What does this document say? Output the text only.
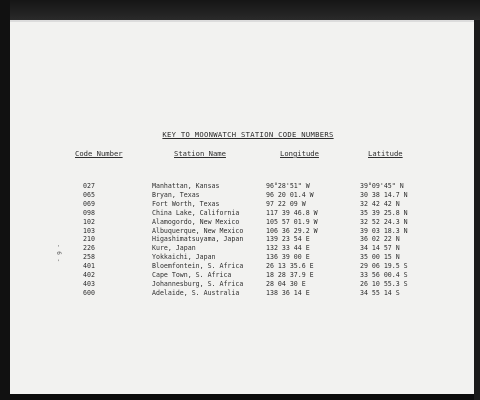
- 6 -
KEY TO MOONWATCH STATION CODE NUMBERS
Code Number	Station Name	Longitude	Latitude
027	Manhattan, Kansas	96°28'51" W	39°09'45" N
065	Bryan, Texas	96 20 01.4 W	30 38 14.7 N
069	Fort Worth, Texas	97 22 09 W	32 42 42 N
098	China Lake, California	117 39 46.8 W	35 39 25.8 N
102	Alamogordo, New Mexico	105 57 01.9 W	32 52 24.3 N
103	Albuquerque, New Mexico	106 36 29.2 W	39 03 18.3 N
210	Higashimatsuyama, Japan	139 23 54 E	36 02 22 N
226	Kure, Japan	132 33 44 E	34 14 57 N
258	Yokkaichi, Japan	136 39 00 E	35 00 15 N
401	Bloemfontein, S. Africa	26 13 35.6 E	29 06 19.5 S
402	Cape Town, S. Africa	18 28 37.9 E	33 56 00.4 S
403	Johannesburg, S. Africa	28 04 30 E	26 10 55.3 S
600	Adelaide, S. Australia	138 36 14 E	34 55 14 S
